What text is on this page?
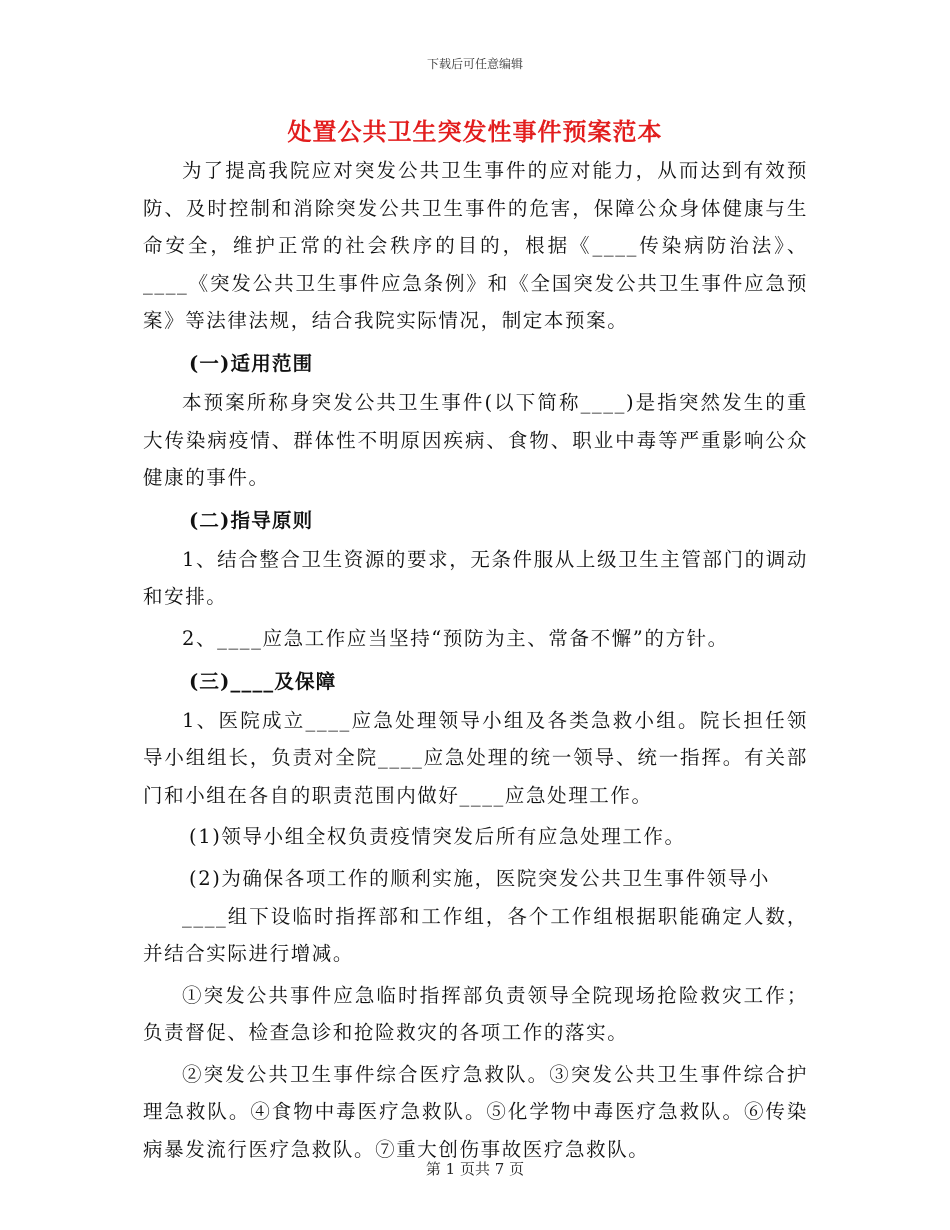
下载后可任意编辑
处置公共卫生突发性事件预案范本

为了提高我院应对突发公共卫生事件的应对能力，从而达到有效预防、及时控制和消除突发公共卫生事件的危害，保障公众身体健康与生命安全，维护正常的社会秩序的目的，根据《____传染病防治法》、____《突发公共卫生事件应急条例》和《全国突发公共卫生事件应急预案》等法律法规，结合我院实际情况，制定本预案。

(一)适用范围

本预案所称身突发公共卫生事件(以下简称____)是指突然发生的重大传染病疫情、群体性不明原因疾病、食物、职业中毒等严重影响公众健康的事件。

(二)指导原则

1、结合整合卫生资源的要求，无条件服从上级卫生主管部门的调动和安排。

2、____应急工作应当坚持“预防为主、常备不懈”的方针。

(三)____及保障

1、医院成立____应急处理领导小组及各类急救小组。院长担任领导小组组长，负责对全院____应急处理的统一领导、统一指挥。有关部门和小组在各自的职责范围内做好____应急处理工作。

(1)领导小组全权负责疫情突发后所有应急处理工作。

(2)为确保各项工作的顺利实施，医院突发公共卫生事件领导小

____组下设临时指挥部和工作组，各个工作组根据职能确定人数，并结合实际进行增减。

①突发公共事件应急临时指挥部负责领导全院现场抢险救灾工作；负责督促、检查急诊和抢险救灾的各项工作的落实。

②突发公共卫生事件综合医疗急救队。③突发公共卫生事件综合护理急救队。④食物中毒医疗急救队。⑤化学物中毒医疗急救队。⑥传染病暴发流行医疗急救队。⑦重大创伤事故医疗急救队。

第 1 页共 7 页
